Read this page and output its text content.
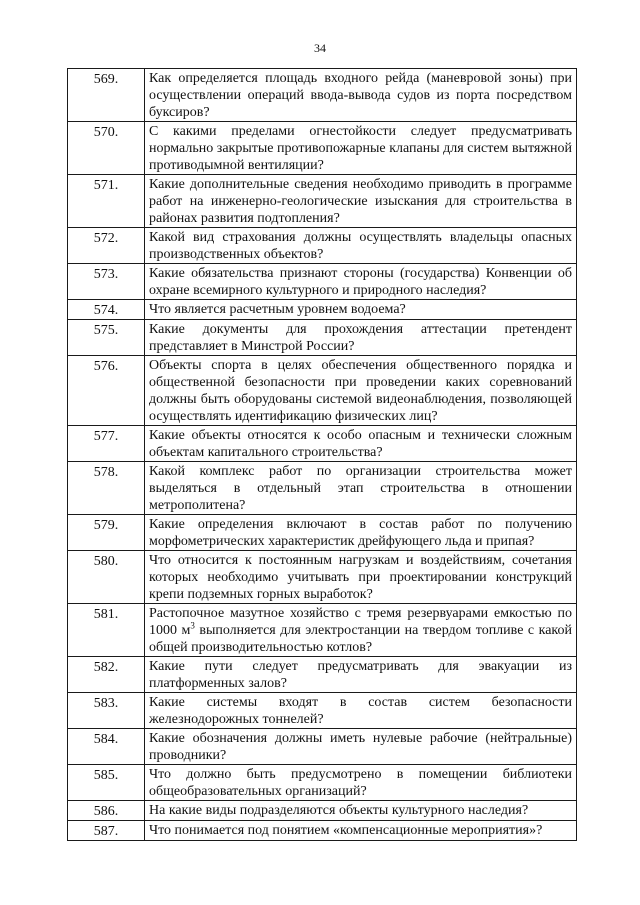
34
569.	Как определяется площадь входного рейда (маневровой зоны) при осуществлении операций ввода-вывода судов из порта посредством буксиров?
570.	С какими пределами огнестойкости следует предусматривать нормально закрытые противопожарные клапаны для систем вытяжной противодымной вентиляции?
571.	Какие дополнительные сведения необходимо приводить в программе работ на инженерно-геологические изыскания для строительства в районах развития подтопления?
572.	Какой вид страхования должны осуществлять владельцы опасных производственных объектов?
573.	Какие обязательства признают стороны (государства) Конвенции об охране всемирного культурного и природного наследия?
574.	Что является расчетным уровнем водоема?
575.	Какие документы для прохождения аттестации претендент представляет в Минстрой России?
576.	Объекты спорта в целях обеспечения общественного порядка и общественной безопасности при проведении каких соревнований должны быть оборудованы системой видеонаблюдения, позволяющей осуществлять идентификацию физических лиц?
577.	Какие объекты относятся к особо опасным и технически сложным объектам капитального строительства?
578.	Какой комплекс работ по организации строительства может выделяться в отдельный этап строительства в отношении метрополитена?
579.	Какие определения включают в состав работ по получению морфометрических характеристик дрейфующего льда и припая?
580.	Что относится к постоянным нагрузкам и воздействиям, сочетания которых необходимо учитывать при проектировании конструкций крепи подземных горных выработок?
581.	Растопочное мазутное хозяйство с тремя резервуарами емкостью по 1000 $м^3$ выполняется для электростанции на твердом топливе с какой общей производительностью котлов?
582.	Какие пути следует предусматривать для эвакуации из платформенных залов?
583.	Какие системы входят в состав систем безопасности железнодорожных тоннелей?
584.	Какие обозначения должны иметь нулевые рабочие (нейтральные) проводники?
585.	Что должно быть предусмотрено в помещении библиотеки общеобразовательных организаций?
586.	На какие виды подразделяются объекты культурного наследия?
587.	Что понимается под понятием «компенсационные мероприятия»?
